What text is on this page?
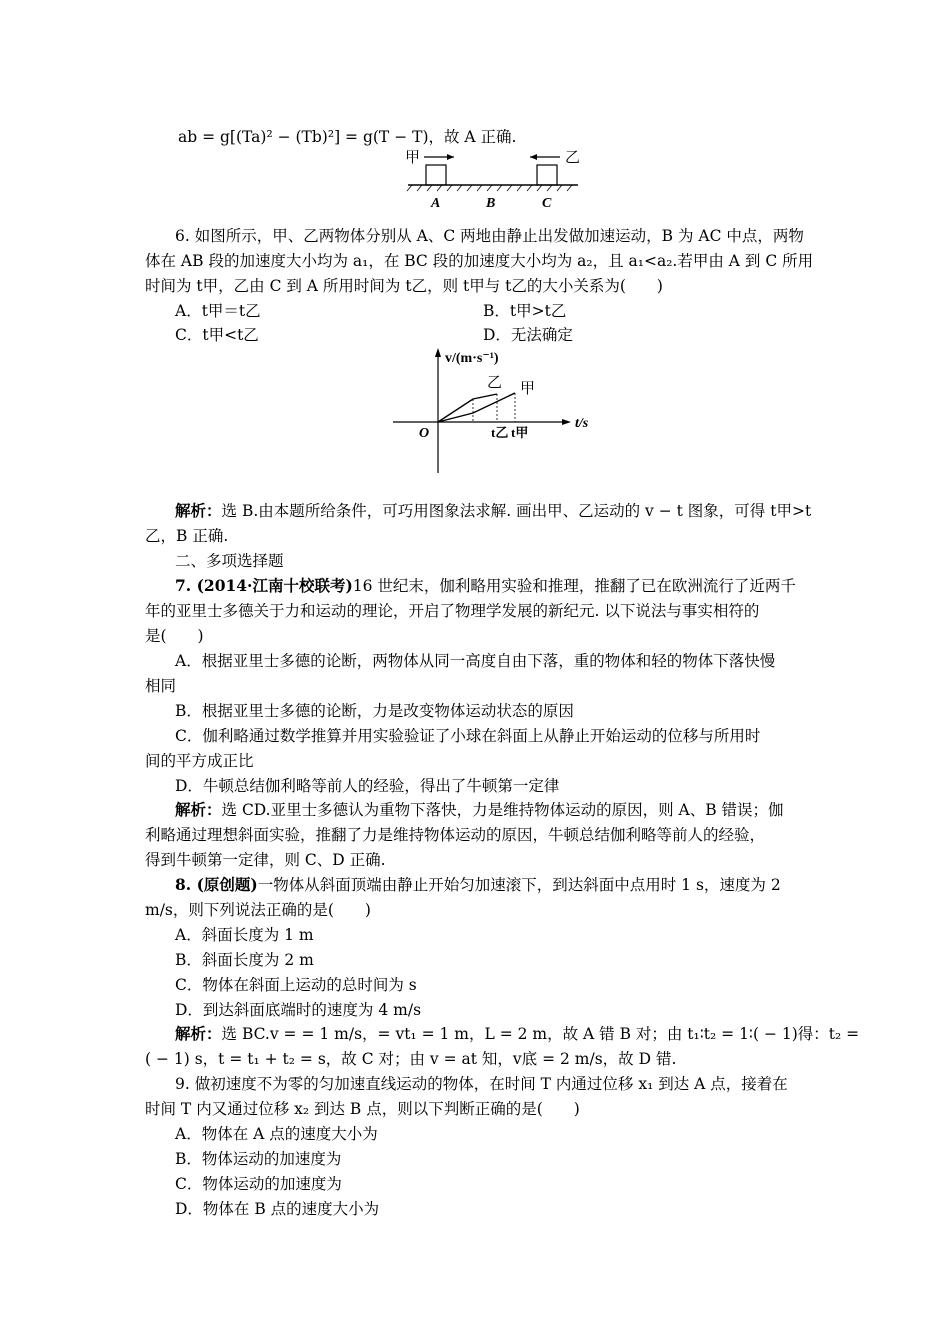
ab = g[(Ta)² − (Tb)²] = g(T − T)，故 A 正确.
甲	乙
A	B	C
6. 如图所示，甲、乙两物体分别从 A、C 两地由静止出发做加速运动，B 为 AC 中点，两物
体在 AB 段的加速度大小均为 a₁，在 BC 段的加速度大小均为 a₂，且 a₁<a₂.若甲由 A 到 C 所用
时间为 t甲，乙由 C 到 A 所用时间为 t乙，则 t甲与 t乙的大小关系为(　　)
A．t甲＝t乙	B．t甲>t乙
C．t甲<t乙	D．无法确定
v/(m·s⁻¹)
t/s
O
乙 甲
t乙 t甲
解析：选 B.由本题所给条件，可巧用图象法求解. 画出甲、乙运动的 v − t 图象，可得 t甲>t
乙，B 正确.
二、多项选择题
7. (2014·江南十校联考)16 世纪末，伽利略用实验和推理，推翻了已在欧洲流行了近两千
年的亚里士多德关于力和运动的理论，开启了物理学发展的新纪元. 以下说法与事实相符的
是(　　)
A．根据亚里士多德的论断，两物体从同一高度自由下落，重的物体和轻的物体下落快慢
相同
B．根据亚里士多德的论断，力是改变物体运动状态的原因
C．伽利略通过数学推算并用实验验证了小球在斜面上从静止开始运动的位移与所用时
间的平方成正比
D．牛顿总结伽利略等前人的经验，得出了牛顿第一定律
解析：选 CD.亚里士多德认为重物下落快，力是维持物体运动的原因，则 A、B 错误；伽
利略通过理想斜面实验，推翻了力是维持物体运动的原因，牛顿总结伽利略等前人的经验，
得到牛顿第一定律，则 C、D 正确.
8. (原创题)一物体从斜面顶端由静止开始匀加速滚下，到达斜面中点用时 1 s，速度为 2
m/s，则下列说法正确的是(　　)
A．斜面长度为 1 m
B．斜面长度为 2 m
C．物体在斜面上运动的总时间为 s
D．到达斜面底端时的速度为 4 m/s
解析：选 BC.v = = 1 m/s，= vt₁ = 1 m，L = 2 m，故 A 错 B 对；由 t₁∶t₂ = 1∶( − 1)得：t₂ =
( − 1) s，t = t₁ + t₂ = s，故 C 对；由 v = at 知，v底 = 2 m/s，故 D 错.
9. 做初速度不为零的匀加速直线运动的物体，在时间 T 内通过位移 x₁ 到达 A 点，接着在
时间 T 内又通过位移 x₂ 到达 B 点，则以下判断正确的是(　　)
A．物体在 A 点的速度大小为
B．物体运动的加速度为
C．物体运动的加速度为
D．物体在 B 点的速度大小为
